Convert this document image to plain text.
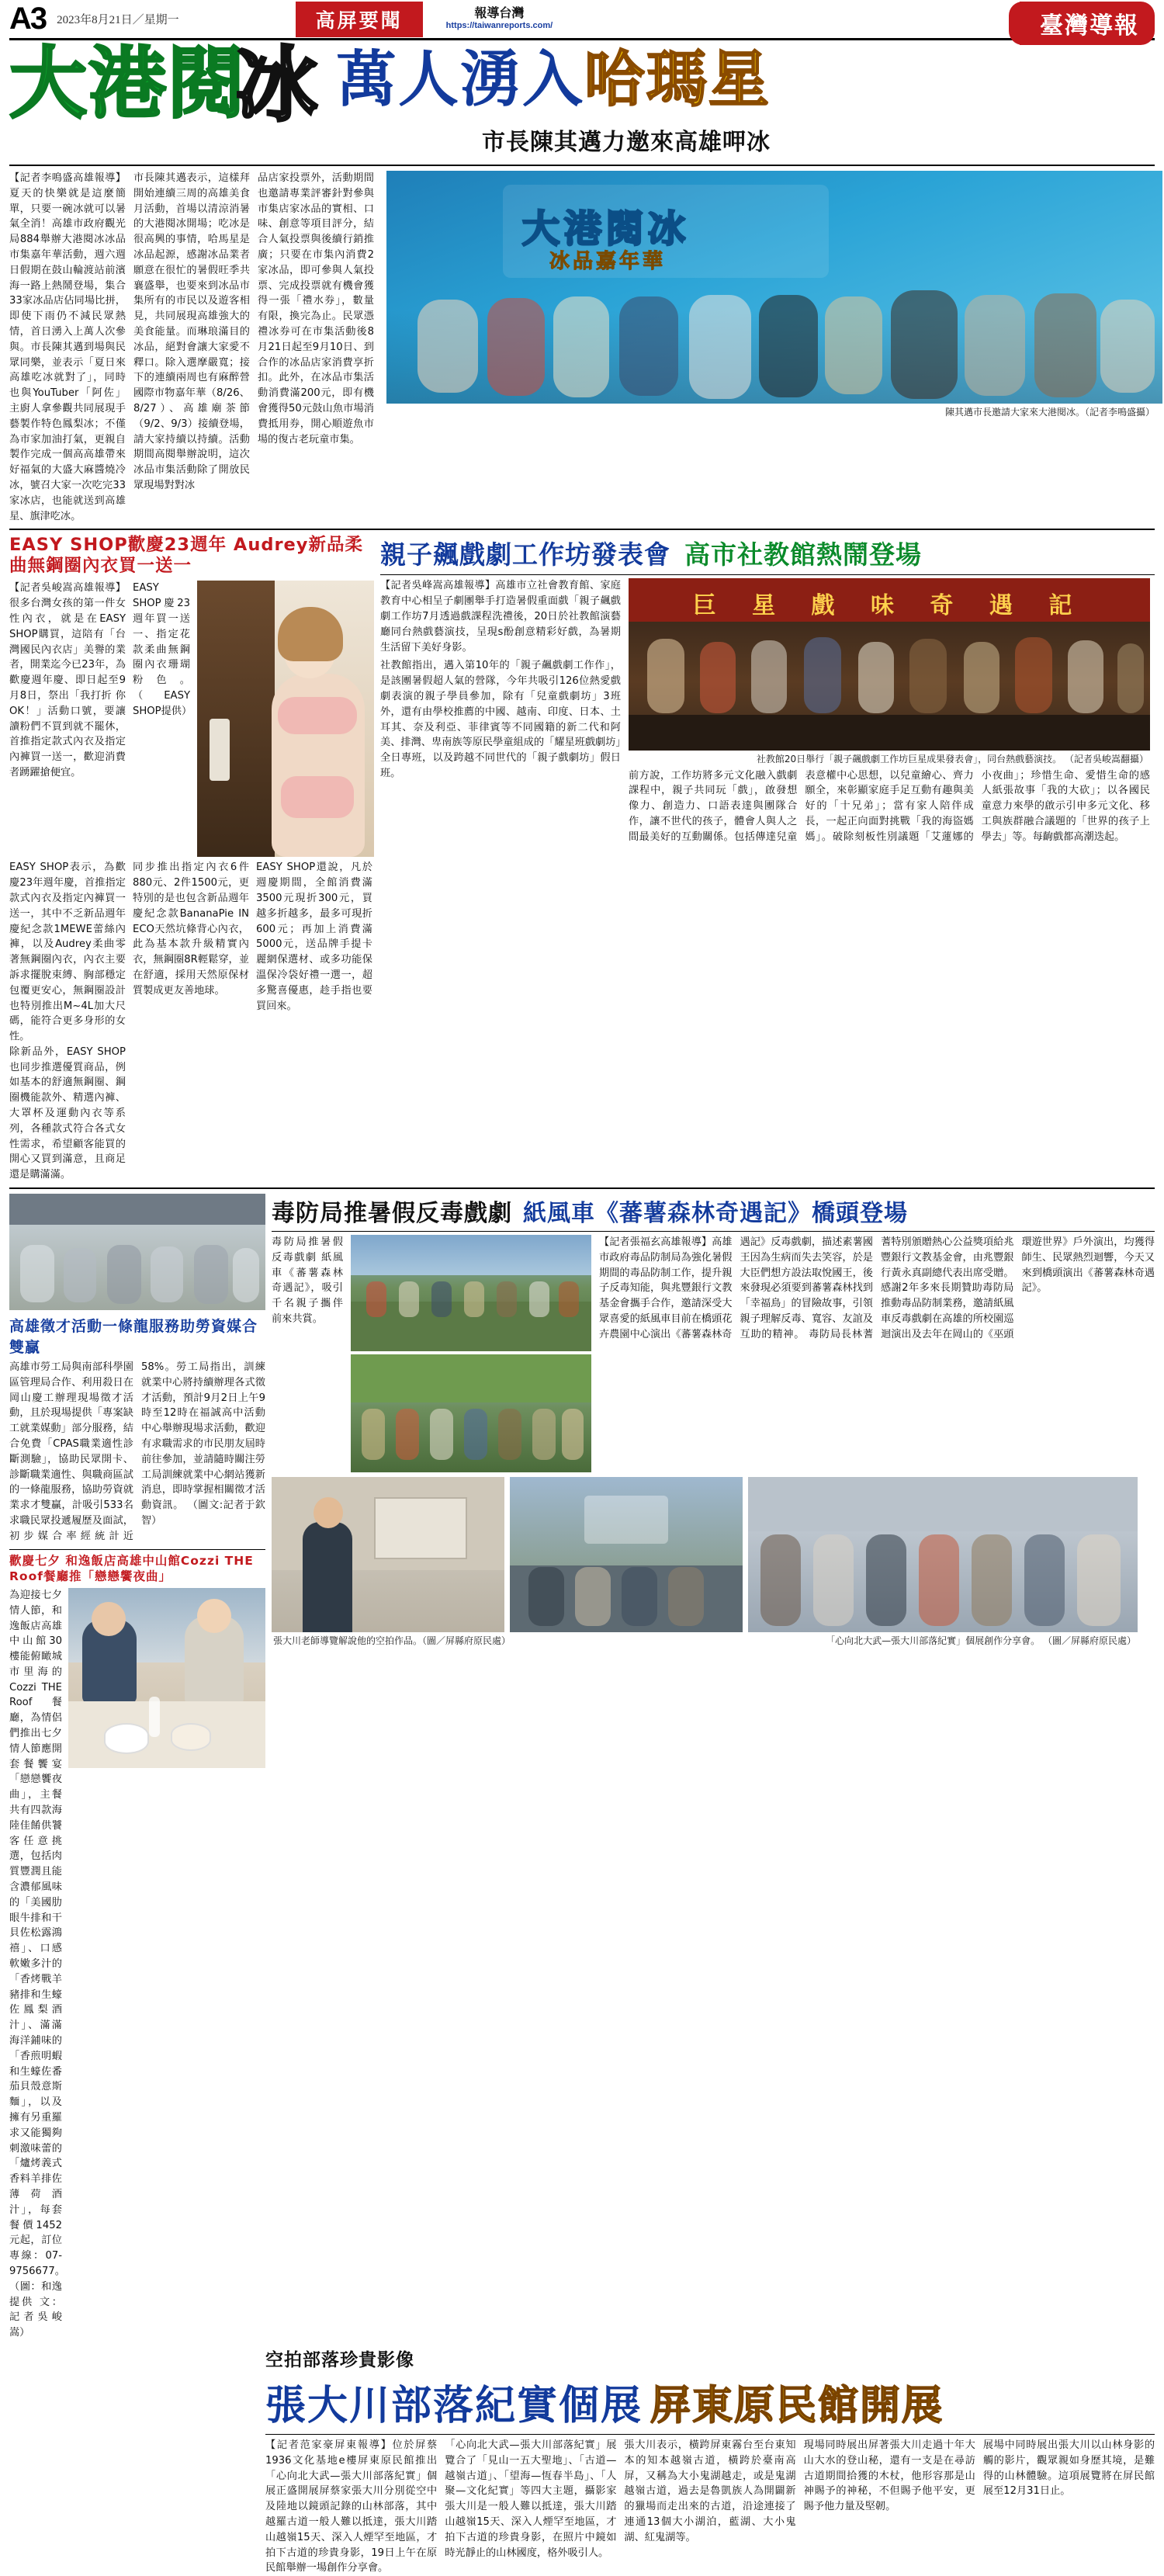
A3 2023年8月21日／星期一	高屏要聞	報導台灣
https://taiwanreports.com/	臺灣導報
大港閱
冰 萬人湧入哈瑪星
市長陳其邁力邀來高雄呷冰
【記者李鳴盛高雄報導】夏天的快樂就是這麼簡單，只要一碗冰就可以暑氣全消！高雄市政府觀光局884舉辦大港閱冰冰品市集嘉年華活動，週六週日假期在鼓山輪渡站前濱海一路上熱鬧登場，集合33家冰品店佔同場比拼，即使下雨仍不減民眾熱情，首日湧入上萬人次參與。市長陳其邁到場與民眾同樂，並表示「夏日來高雄吃冰就對了」，同時也與YouTuber「阿佐」主廚人拿參觀共同展現手藝製作特色鳳梨冰；不僅為市家加油打氣，更親自製作完成一個高高雄帶來好福氣的大盛大麻醬燒冷冰，號召大家一次吃完33家冰店，也能就送到高雄星、旗津吃冰。
市長陳其邁表示，這樣拜開始連續三周的高雄美食月活動，首場以清涼消暑的大港閱冰開場；吃冰是很高興的事情，哈馬星是冰品起源，感謝冰品業者願意在很忙的暑假旺季共襄盛舉，也要來到冰品市集所有的市民以及遊客相見，共同展現高雄強大的美食能量。而琳琅滿目的冰品，絕對會讓大家愛不釋口。除入選摩嚴寬；接下的連續兩周也有麻醉營國際市物嘉年華（8/26、8/27）、高雄廟茶節（9/2、9/3）接續登場，請大家持續以持續。活動期間高閱舉辦說明，這次冰品市集活動除了開放民眾現場對對冰
品店家投票外，活動期間也邀請專業評審針對參與市集店家冰品的實相、口味、創意等項目評分，結合人氣投票與後續行銷推廣；只要在市集內消費2家冰品，即可參與人氣投票、完成投票就有機會獲得一張「禮水券」，數量有限，換完為止。民眾憑禮冰券可在市集活動後8月21日起至9月10日、到合作的冰品店家消費享折扣。此外，在冰品市集活動消費滿200元，即有機會獲得50元鼓山魚市場消費抵用券，開心順遊魚市場的復古老玩童市集。
大港閱冰
冰品嘉年華
陳其邁市長邀請大家來大港閱冰。（記者李鳴盛攝）
EASY SHOP歡慶23週年 Audrey新品柔曲無鋼圈內衣買一送一
【記者吳峻嵩高雄報導】很多台灣女孩的第一件女性內衣，就是在EASY SHOP購買，這陪有「台灣國民內衣店」美譽的業者，開業迄今已23年，為歡慶週年慶、即日起至9月8日，祭出「我打折 你OK！」活動口號，要讓讀粉們不買到就不罷休，首推指定款式內衣及指定內褲買一送一，歡迎消費者踴躍搶便宜。
EASY SHOP慶23週年買一送一、指定花款柔曲無鋼圈內衣珊瑚粉色。（EASY SHOP提供）
EASY SHOP表示，為歡慶23年週年慶，首推指定款式內衣及指定內褲買一送一，其中不乏新品週年慶紀念款1MEWE蕾絲內褲，以及Audrey柔曲零著無鋼圈內衣，內衣主要訴求擺脫束縛、胸部穩定包覆更安心，無鋼圈設計也特別推出M~4L加大尺碼，能符合更多身形的女性。
同步推出指定內衣6件880元、2件1500元，更特別的是也包含新品週年慶紀念款BananaPie IN ECO天然坑條背心內衣，此為基本款升級精實內衣，無鋼圈8R輕鬆穿，並在舒適，採用天然原保材質製成更友善地球。
EASY SHOP還說，凡於週慶期間，全館消費滿3500元現折300元，買越多折越多，最多可現折600元；再加上消費滿5000元，送品牌手提卡麗網保選材、或多功能保溫保冷袋好禮一選一，超多驚喜優惠，趁手指也要買回來。
除新品外，EASY SHOP也同步推選優質商品，例如基本的舒適無鋼圈、鋼圈機能款外、精選內褲、大罩杯及運動內衣等系列，各種款式符合各式女性需求，希望顧客能買的開心又買到滿意，且商足還是購滿滿。
親子飆戲劇工作坊發表會 高市社教館熱鬧登場
【記者吳峰嵩高雄報導】高雄市立社會教育館、家庭教育中心相呈子劇團舉手打造暑假重面戲「親子飆戲劇工作坊7月透過戲課程洗禮後，20日於社教館演藝廳同台熱戲藝演技，呈現s酚創意精彩好戲，為暑期生活留下美好身影。
社教館指出，邁入第10年的「親子飆戲劇工作作」，是該團暑假超人氣的營隊，今年共吸引126位熱愛戲劇表演的親子學員參加，除有「兒童戲劇坊」3班外，還有由學校推薦的中國、越南、印度、日本、土耳其、奈及利亞、菲律賓等不同國籍的新二代和阿美、排灣、卑南族等原民學童組成的「耀星班戲劇坊」全日專班，以及跨越不同世代的「親子戲劇坊」假日班。
巨 星 戲 味 奇 遇 記
社教館20日舉行「親子飆戲劇工作坊巨星成果發表會」，同台熱戲藝演技。 （記者吳峻嵩翻攝）
前方說，工作坊將多元文化融入戲劇課程中，親子共同玩「戲」，啟發想像力、創造力、口語表達與團隊合作，讓不世代的孩子，體會人與人之間最美好的互動關係。包括傳達兒童表意權中心思想，以兒童繪心、齊力願全，來彰顯家庭手足互動有趣與美好的「十兄弟」；當有家人陪伴成長，一起正向面對挑戰「我的海盜媽媽」。破除刻板性別議題「艾蓮娜的小夜曲」；珍惜生命、愛惜生命的感人紙張故事「我的大砍」；以各國民童意力來學的啟示引申多元文化、移工與族群融合議題的「世界的孩子上學去」等。每齣戲都高潮迭起。
高雄徵才活動一條龍服務助勞資媒合雙贏
高雄市勞工局與南部科學園區管理局合作、利用殺日在岡山慶工辦理現場徵才活動，且於現場提供「專案缺工就業媒動」部分服務，結合免費「CPAS職業適性診斷測驗」，協助民眾開卡、診斷職業適性、與職商區試的一條龍服務，協助勞資就業求才雙贏，計吸引533名求職民眾投遞履歷及面試，初步媒合率經統計近58%。勞工局指出，訓練就業中心將持續辦理各式徵才活動，預計9月2日上午9時至12時在福誠高中活動中心舉辦現場求活動，歡迎有求職需求的市民朋友屆時前往參加，並請隨時關注勞工局訓練就業中心網站獲新消息，即時掌握相關徵才活動資訊。 （圖文:記者于欽智）
歡慶七夕 和逸飯店高雄中山館Cozzi THE Roof餐廳推「戀戀饗夜曲」
為迎接七夕情人節，和逸飯店高雄中山館30樓能俯瞰城市里海的Cozzi THE Roof 餐廳，為情侶們推出七夕情人節應開套餐饗宴「戀戀饗夜曲」，主餐共有四款海陸佳餚供饕客任意挑選，包括肉質豐潤且能含濃郁風味的「美國肋眼牛排和干貝佐松露鴻禧」、口感軟嫩多汁的「香烤戰羊豬排和生蠔佐鳳梨酒汁」、滿滿海洋鋪味的「香煎明蝦和生蠔佐番茄貝殼意斯麵」，以及擁有另重羅求又能獨夠刺激味蕾的「爐烤義式香料羊排佐薄荷酒汁」，每套餐價1452元起，訂位專線：07-9756677。（圖：和逸提供 文：記者吳峻嵩）
毒防局推暑假反毒戲劇 紙風車《蕃薯森林奇遇記》橋頭登場
毒防局推暑假反毒戲劇 紙風車《蕃薯森林奇遇記》，吸引千名親子攜伴前來共賞。
【記者張福玄高雄報導】高雄市政府毒品防制局為強化暑假期間的毒品防制工作，提升親子反毒知能，與兆豐銀行文教基金會攜手合作，邀請深受大眾喜愛的紙風車目前在橋頭花卉農園中心演出《蕃薯森林奇遇記》反毒戲劇，描述素薯國王因為生病而失去笑容，於是大臣們想方設法取悅國王，後來發現必須要到蕃薯森林找到「幸福鳥」的冒險故事，引領親子理解反毒、寬容、友誼及互助的精神。 毒防局長林蓍蓍特別頒贈熱心公益獎項給兆豐銀行文教基金會，由兆豐銀行黃永真副總代表出席受贈。感謝2年多來長期贊助毒防局推動毒品防制業務，邀請紙風車反毒戲劇在高雄的所校園巡迴演出及去年在岡山的《巫頭環遊世界》戶外演出，均獲得師生、民眾熱烈迴響，今天又來到橋頭演出《蕃薯森林奇遇記》。
張大川老師導覽解說他的空拍作品。（圖／屏縣府原民處）	「心向北大武—張大川部落紀實」個展創作分享會。 （圖／屏縣府原民處）
空拍部落珍貴影像
張大川部落紀實個展 屏東原民館開展
【記者范家豪屏東報導】位於屏蔡1936文化基地e樓屏東原民館推出「心向北大武—張大川部落紀實」個展正盛開展屏蔡家張大川分別從空中及陸地以鏡頭記錄的山林部落，其中越羅古道一般人難以抵達，張大川踏山越嶺15天、深入人煙罕至地區，才拍下古道的珍貴身影，19日上午在原民館舉辦一場創作分享會。
「心向北大武—張大川部落紀實」展覽合了「見山一五大聖地」、「古道—越嶺古道」、「望海—恆春半島」、「人聚—文化紀實」等四大主題，攝影家張大川是一般人難以抵達，張大川踏山越嶺15天、深入人煙罕至地區，才拍下古道的珍貴身影，在照片中鏡如時光靜止的山林國度，格外吸引人。
張大川表示，橫跨屏東霧台至台東知本的知本越嶺古道，橫跨於臺南高屏，又稱為大小鬼湖越走，或是鬼湖越嶺古道，過去是魯凱族人為開闢新的獵場而走出來的古道，沿途連接了連通13個大小湖泊，藍湖、大小鬼湖、紅鬼湖等。
現場同時展出屏著張大川走過十年大山大水的登山秘，還有一支是在尋訪古道期間拾獲的木杖，他形容那是山神賜予的神秘，不但賜予他平安，更賜予他力量及堅韌。
展場中同時展出張大川以山林身影的觸的影片，觀眾親如身歷其境，是難得的山林體驗。這項展覽將在屏民館展至12月31日止。
